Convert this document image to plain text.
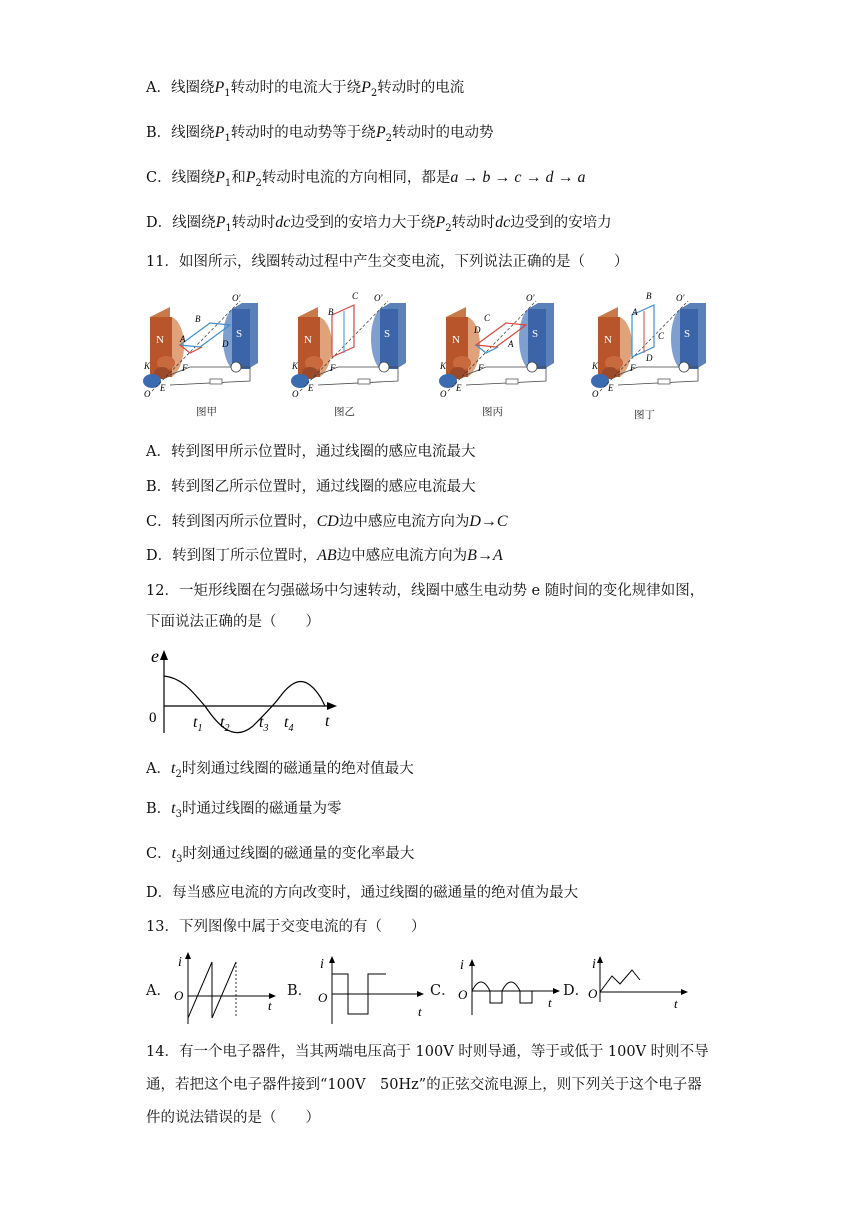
A．线圈绕$P_1$转动时的电流大于绕$P_2$转动时的电流
B．线圈绕$P_1$转动时的电动势等于绕$P_2$转动时的电动势
C．线圈绕$P_1$和$P_2$转动时电流的方向相同，都是a → b → c → d → a
D．线圈绕$P_1$转动时dc边受到的安培力大于绕$P_2$转动时dc边受到的安培力
11．如图所示，线圈转动过程中产生交变电流，下列说法正确的是（　　）
B
A	D
O'
F
K
E
O
C
B
O'
F
K
E
O
C
D
A
O'
F
K
E
O
B
A
C
D
O'
F
K
E
O
图甲	图乙	图丙	图丁
A．转到图甲所示位置时，通过线圈的感应电流最大
B．转到图乙所示位置时，通过线圈的感应电流最大
C．转到图丙所示位置时，CD边中感应电流方向为D→C
D．转到图丁所示位置时，AB边中感应电流方向为B→A
12．一矩形线圈在匀强磁场中匀速转动，线圈中感生电动势 e 随时间的变化规律如图，
下面说法正确的是（　　）
e
t
0 $t_1$ $t_2$ $t_3$ $t_4$
A．$t_2$时刻通过线圈的磁通量的绝对值最大
B．$t_3$时通过线圈的磁通量为零
C．$t_3$时刻通过线圈的磁通量的变化率最大
D．每当感应电流的方向改变时，通过线圈的磁通量的绝对值为最大
13．下列图像中属于交变电流的有（　　）
A．
i
O
t
B．
i
O
t
C．
i
O
t
D．
i
O
t
14．有一个电子器件，当其两端电压高于 100V 时则导通，等于或低于 100V 时则不导
通，若把这个电子器件接到“100V　50Hz”的正弦交流电源上，则下列关于这个电子器
件的说法错误的是（　　）
